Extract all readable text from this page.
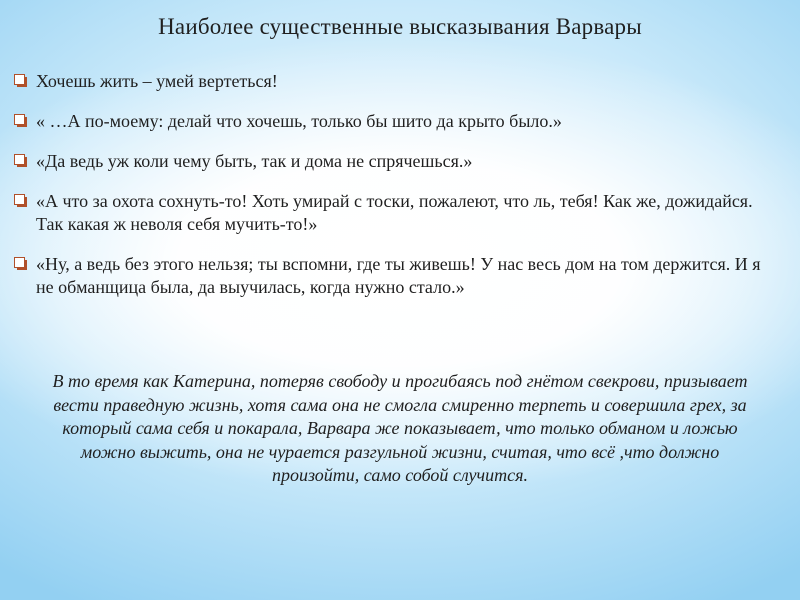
Наиболее существенные высказывания Варвары
Хочешь жить – умей вертеться!
« …А по-моему: делай что хочешь, только бы шито да крыто было.»
«Да ведь уж коли чему быть, так и дома не спрячешься.»
«А что за охота сохнуть-то! Хоть умирай с тоски, пожалеют, что ль, тебя! Как же, дожидайся. Так какая ж неволя себя мучить-то!»
«Ну, а ведь без этого нельзя; ты вспомни, где ты живешь! У нас весь дом на том держится. И я не обманщица была, да выучилась, когда нужно стало.»
В то время как Катерина, потеряв свободу и прогибаясь под гнётом свекрови, призывает вести праведную жизнь, хотя сама она не смогла смиренно терпеть и совершила грех, за который сама себя и покарала, Варвара же показывает, что только обманом и ложью можно выжить, она не чурается разгульной жизни, считая, что всё ,что должно произойти, само собой случится.
